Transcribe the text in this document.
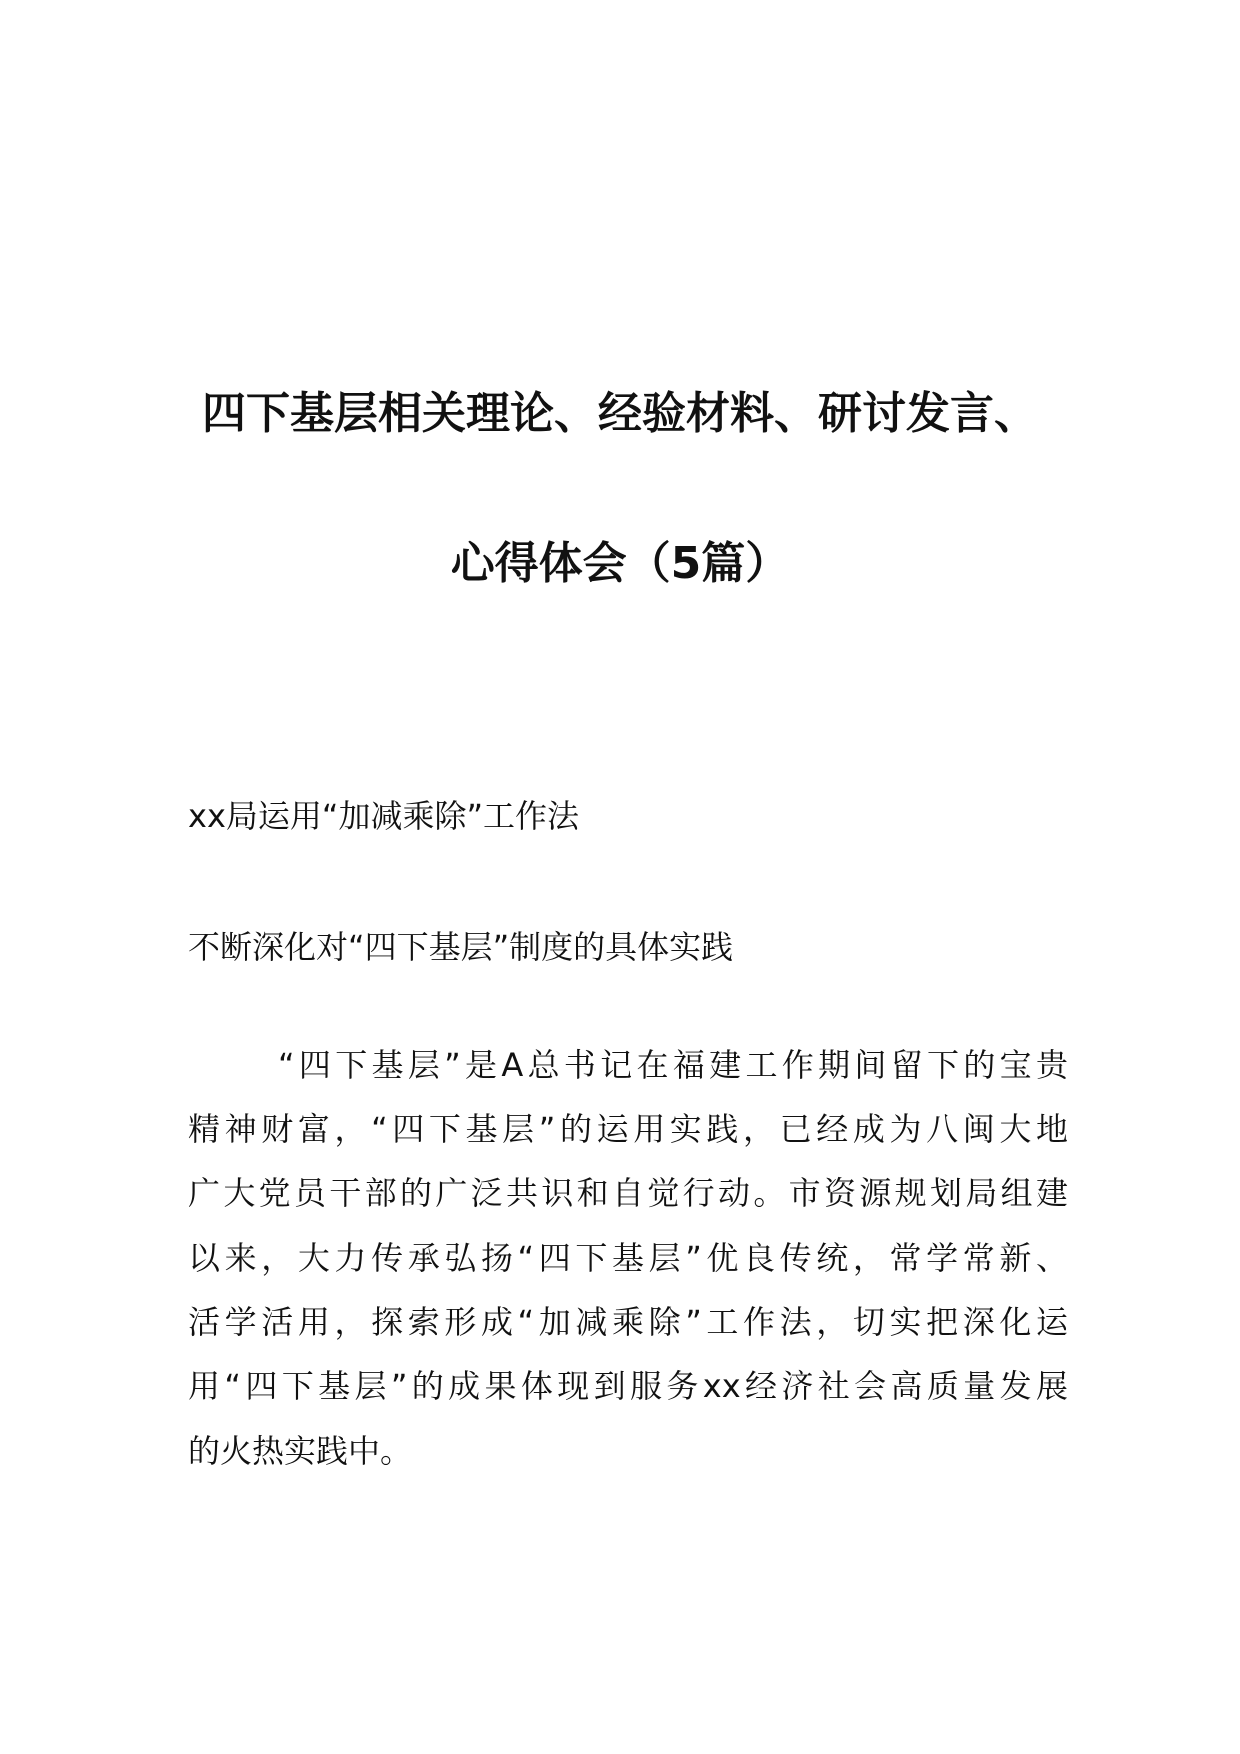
四下基层相关理论、经验材料、研讨发言、
心得体会（5篇）
xx局运用“加减乘除”工作法
不断深化对“四下基层”制度的具体实践
“四下基层”是A总书记在福建工作期间留下的宝贵
精神财富，“四下基层”的运用实践，已经成为八闽大地
广大党员干部的广泛共识和自觉行动。市资源规划局组建
以来，大力传承弘扬“四下基层”优良传统，常学常新、
活学活用，探索形成“加减乘除”工作法，切实把深化运
用“四下基层”的成果体现到服务xx经济社会高质量发展
的火热实践中。
